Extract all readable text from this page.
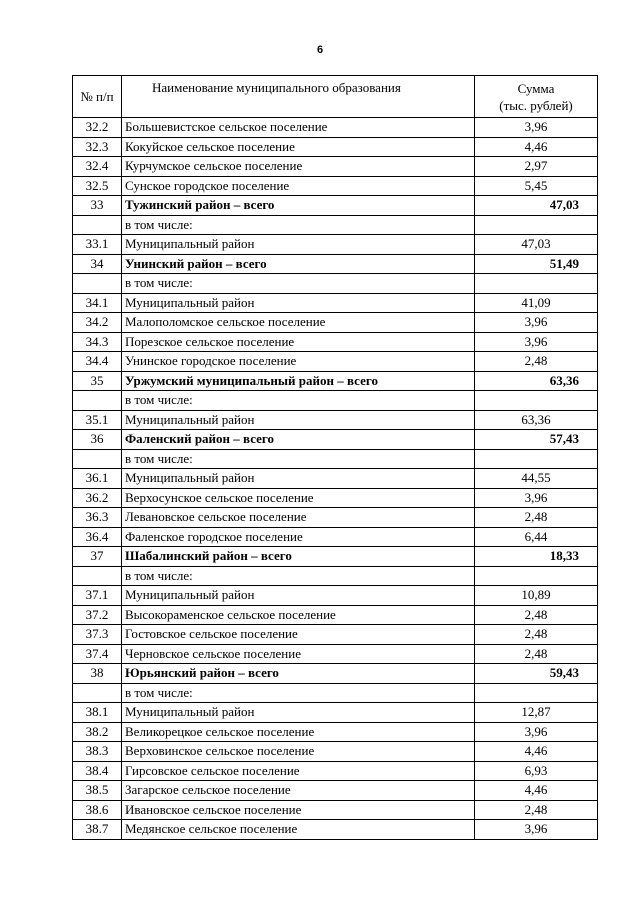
6
№ п/п	Наименование муниципального образования	Сумма
(тыс. рублей)
32.2	Большевистское сельское поселение	3,96
32.3	Кокуйское сельское поселение	4,46
32.4	Курчумское сельское поселение	2,97
32.5	Сунское городское поселение	5,45
33	Тужинский район – всего	47,03
	в том числе:	
33.1	Муниципальный район	47,03
34	Унинский район – всего	51,49
	в том числе:	
34.1	Муниципальный район	41,09
34.2	Малополомское сельское поселение	3,96
34.3	Порезское сельское поселение	3,96
34.4	Унинское городское поселение	2,48
35	Уржумский муниципальный район – всего	63,36
	в том числе:	
35.1	Муниципальный район	63,36
36	Фаленский район – всего	57,43
	в том числе:	
36.1	Муниципальный район	44,55
36.2	Верхосунское сельское поселение	3,96
36.3	Левановское сельское поселение	2,48
36.4	Фаленское городское поселение	6,44
37	Шабалинский район – всего	18,33
	в том числе:	
37.1	Муниципальный район	10,89
37.2	Высокораменское сельское поселение	2,48
37.3	Гостовское сельское поселение	2,48
37.4	Черновское сельское поселение	2,48
38	Юрьянский район – всего	59,43
	в том числе:	
38.1	Муниципальный район	12,87
38.2	Великорецкое сельское поселение	3,96
38.3	Верховинское сельское поселение	4,46
38.4	Гирсовское сельское поселение	6,93
38.5	Загарское сельское поселение	4,46
38.6	Ивановское сельское поселение	2,48
38.7	Медянское сельское поселение	3,96
